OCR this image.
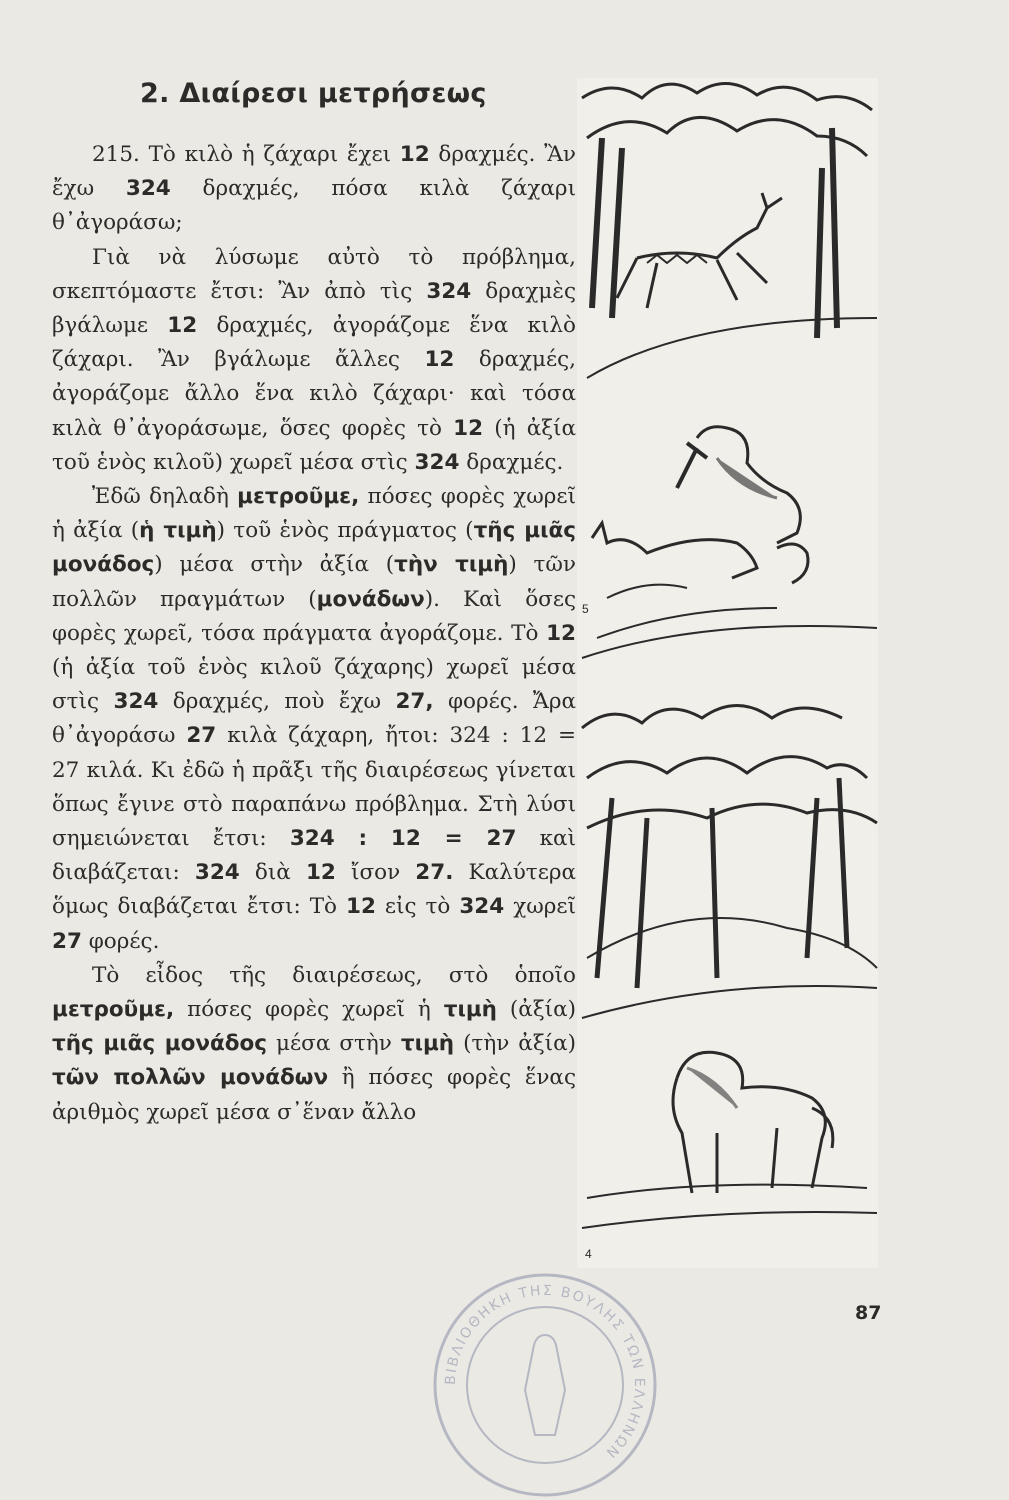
2. Διαίρεσι μετρήσεως

215. Τὸ κιλὸ ἡ ζάχαρι ἔχει 12 δραχμές. Ἂν ἔχω 324 δραχμές, πόσα κιλὰ ζάχαρι θ᾽ἀγοράσω;

Γιὰ νὰ λύσωμε αὐτὸ τὸ πρόβλημα, σκεπτόμαστε ἔτσι: Ἂν ἀπὸ τὶς 324 δραχμὲς βγάλωμε 12 δραχμές, ἀγοράζομε ἕνα κιλὸ ζάχαρι. Ἂν βγάλωμε ἄλλες 12 δραχμές, ἀγοράζομε ἄλλο ἕνα κιλὸ ζάχαρι· καὶ τόσα κιλὰ θ᾽ἀγοράσωμε, ὅσες φορὲς τὸ 12 (ἡ ἀξία τοῦ ἑνὸς κιλοῦ) χωρεῖ μέσα στὶς 324 δραχμές.

Ἐδῶ δηλαδὴ μετροῦμε, πόσες φορὲς χωρεῖ ἡ ἀξία (ἡ τιμὴ) τοῦ ἑνὸς πράγματος (τῆς μιᾶς μονάδος) μέσα στὴν ἀξία (τὴν τιμὴ) τῶν πολλῶν πραγμάτων (μονάδων). Καὶ ὅσες φορὲς χωρεῖ, τόσα πράγματα ἀγοράζομε. Τὸ 12 (ἡ ἀξία τοῦ ἑνὸς κιλοῦ ζάχαρης) χωρεῖ μέσα στὶς 324 δραχμές, ποὺ ἔχω 27, φορές. Ἄρα θ᾽ἀγοράσω 27 κιλὰ ζάχαρη, ἤτοι: 324 : 12 = 27 κιλά. Κι ἐδῶ ἡ πρᾶξι τῆς διαιρέσεως γίνεται ὅπως ἔγινε στὸ παραπάνω πρόβλημα. Στὴ λύσι σημειώνεται ἔτσι: 324 : 12 = 27 καὶ διαβάζεται: 324 διὰ 12 ἴσον 27. Καλύτερα ὅμως διαβάζεται ἔτσι: Τὸ 12 εἰς τὸ 324 χωρεῖ 27 φορές.

Τὸ εἶδος τῆς διαιρέσεως, στὸ ὁποῖο μετροῦμε, πόσες φορὲς χωρεῖ ἡ τιμὴ (ἀξία) τῆς μιᾶς μονάδος μέσα στὴν τιμὴ (τὴν ἀξία) τῶν πολλῶν μονάδων ἢ πόσες φορὲς ἕνας ἀριθμὸς χωρεῖ μέσα σ᾽ἕναν ἄλλο

5
4
87
ΒΙΒΛΙΟΘΗΚΗ ΤΗΣ ΒΟΥΛΗΣ ΤΩΝ ΕΛΛΗΝΩΝ
